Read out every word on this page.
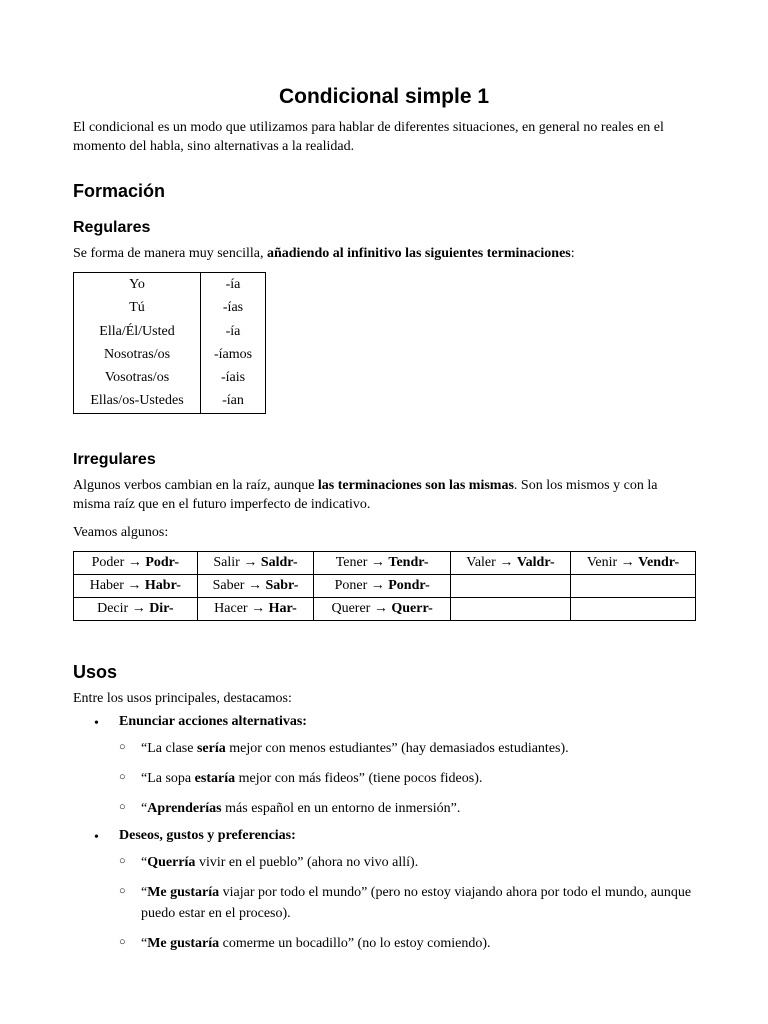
Condicional simple 1

El condicional es un modo que utilizamos para hablar de diferentes situaciones, en general no reales en el momento del habla, sino alternativas a la realidad.

Formación
Regulares

Se forma de manera muy sencilla, añadiendo al infinitivo las siguientes terminaciones:

Yo	-ía
Tú	-ías
Ella/Él/Usted	-ía
Nosotras/os	-íamos
Vosotras/os	-íais
Ellas/os-Ustedes	-ían
Irregulares

Algunos verbos cambian en la raíz, aunque las terminaciones son las mismas. Son los mismos y con la misma raíz que en el futuro imperfecto de indicativo.

Veamos algunos:

Poder → Podr-	Salir → Saldr-	Tener → Tendr-	Valer → Valdr-	Venir → Vendr-
Haber → Habr-	Saber → Sabr-	Poner → Pondr-		
Decir → Dir-	Hacer → Har-	Querer → Querr-		
Usos

Entre los usos principales, destacamos:

• Enunciar acciones alternativas:
○ “La clase sería mejor con menos estudiantes” (hay demasiados estudiantes).
○ “La sopa estaría mejor con más fideos” (tiene pocos fideos).
○ “Aprenderías más español en un entorno de inmersión”.
• Deseos, gustos y preferencias:
○ “Querría vivir en el pueblo” (ahora no vivo allí).
○ “Me gustaría viajar por todo el mundo” (pero no estoy viajando ahora por todo el mundo, aunque puedo estar en el proceso).
○ “Me gustaría comerme un bocadillo” (no lo estoy comiendo).
